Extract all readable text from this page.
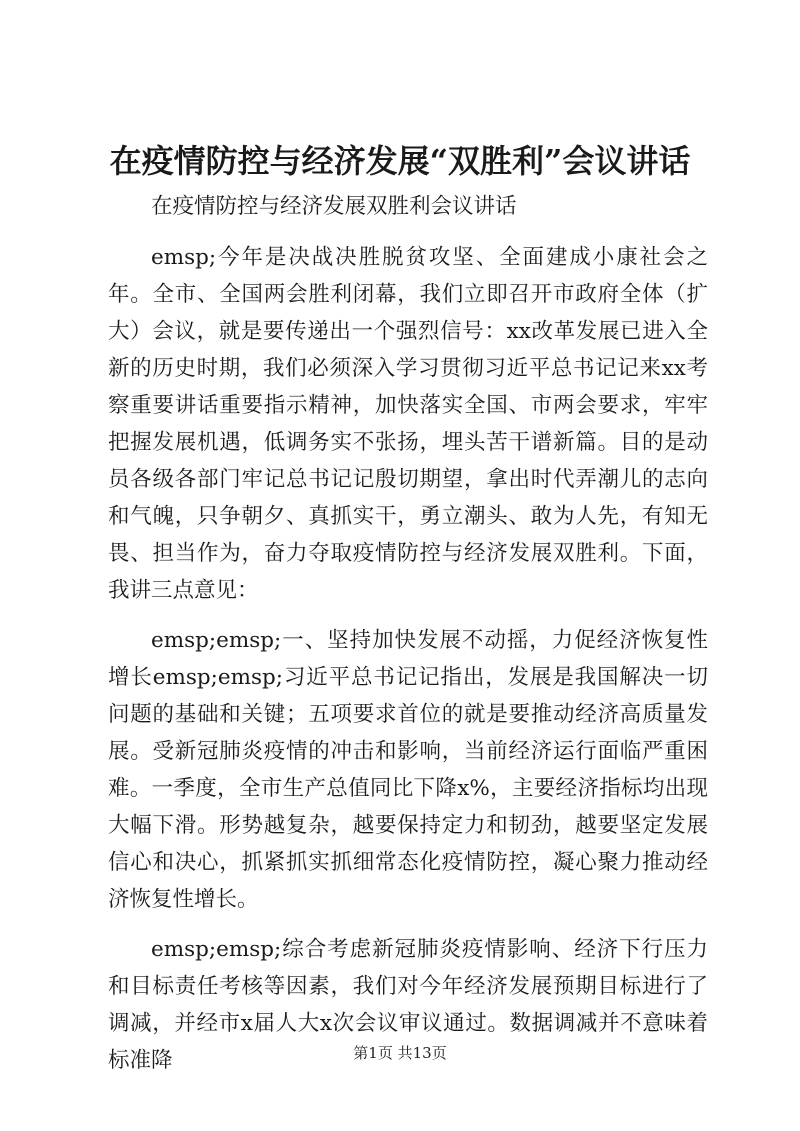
在疫情防控与经济发展“双胜利”会议讲话

在疫情防控与经济发展双胜利会议讲话

emsp;今年是决战决胜脱贫攻坚、全面建成小康社会之年。全市、全国两会胜利闭幕，我们立即召开市政府全体（扩大）会议，就是要传递出一个强烈信号：xx改革发展已进入全新的历史时期，我们必须深入学习贯彻习近平总书记记来xx考察重要讲话重要指示精神，加快落实全国、市两会要求，牢牢把握发展机遇，低调务实不张扬，埋头苦干谱新篇。目的是动员各级各部门牢记总书记记殷切期望，拿出时代弄潮儿的志向和气魄，只争朝夕、真抓实干，勇立潮头、敢为人先，有知无畏、担当作为，奋力夺取疫情防控与经济发展双胜利。下面，我讲三点意见：

emsp;emsp;一、坚持加快发展不动摇，力促经济恢复性增长emsp;emsp;习近平总书记记指出，发展是我国解决一切问题的基础和关键；五项要求首位的就是要推动经济高质量发展。受新冠肺炎疫情的冲击和影响，当前经济运行面临严重困难。一季度，全市生产总值同比下降x%，主要经济指标均出现大幅下滑。形势越复杂，越要保持定力和韧劲，越要坚定发展信心和决心，抓紧抓实抓细常态化疫情防控，凝心聚力推动经济恢复性增长。

emsp;emsp;综合考虑新冠肺炎疫情影响、经济下行压力和目标责任考核等因素，我们对今年经济发展预期目标进行了调减，并经市x届人大x次会议审议通过。数据调减并不意味着标准降	第1页 共13页
